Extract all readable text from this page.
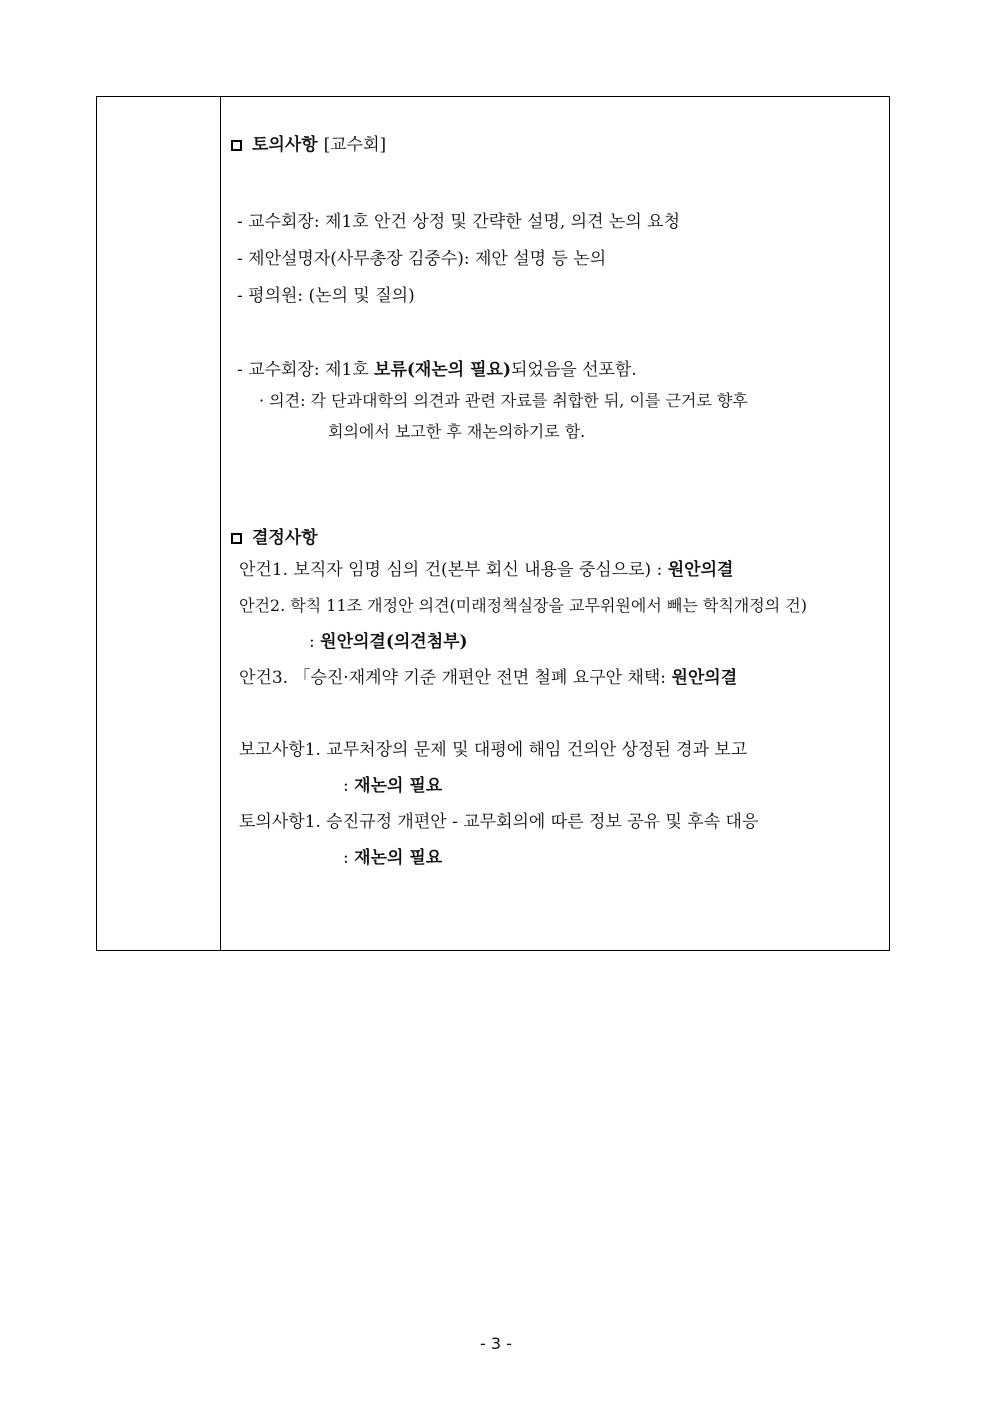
토의사항 [교수회]
- 교수회장: 제1호 안건 상정 및 간략한 설명, 의견 논의 요청
- 제안설명자(사무총장 김중수): 제안 설명 등 논의
- 평의원: (논의 및 질의)
- 교수회장: 제1호 보류(재논의 필요)되었음을 선포함.
· 의견: 각 단과대학의 의견과 관련 자료를 취합한 뒤, 이를 근거로 향후
회의에서 보고한 후 재논의하기로 함.
결정사항
안건1. 보직자 임명 심의 건(본부 회신 내용을 중심으로) : 원안의결
안건2. 학칙 11조 개정안 의견(미래정책실장을 교무위원에서 빼는 학칙개정의 건)
: 원안의결(의견첨부)
안건3. 「승진·재계약 기준 개편안 전면 철폐 요구안 채택: 원안의결
보고사항1. 교무처장의 문제 및 대평에 해임 건의안 상정된 경과 보고
: 재논의 필요
토의사항1. 승진규정 개편안 - 교무회의에 따른 정보 공유 및 후속 대응
: 재논의 필요
- 3 -
